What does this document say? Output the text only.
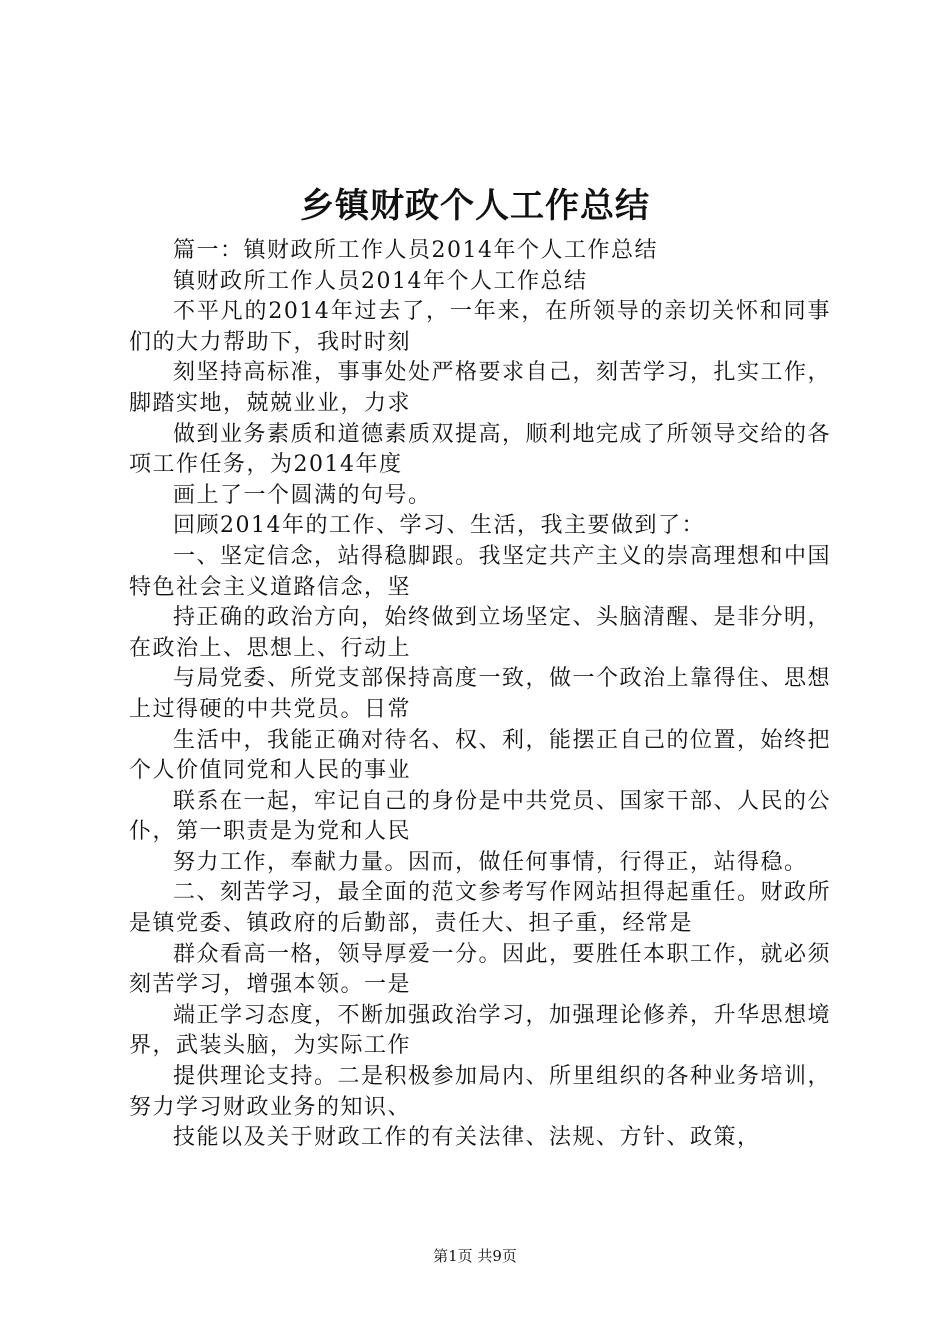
乡镇财政个人工作总结

篇一：镇财政所工作人员2014年个人工作总结

镇财政所工作人员2014年个人工作总结

不平凡的2014年过去了，一年来，在所领导的亲切关怀和同事们的大力帮助下，我时时刻

刻坚持高标准，事事处处严格要求自己，刻苦学习，扎实工作，脚踏实地，兢兢业业，力求

做到业务素质和道德素质双提高，顺利地完成了所领导交给的各项工作任务，为2014年度

画上了一个圆满的句号。

回顾2014年的工作、学习、生活，我主要做到了：

一、坚定信念，站得稳脚跟。我坚定共产主义的崇高理想和中国特色社会主义道路信念，坚

持正确的政治方向，始终做到立场坚定、头脑清醒、是非分明，在政治上、思想上、行动上

与局党委、所党支部保持高度一致，做一个政治上靠得住、思想上过得硬的中共党员。日常

生活中，我能正确对待名、权、利，能摆正自己的位置，始终把个人价值同党和人民的事业

联系在一起，牢记自己的身份是中共党员、国家干部、人民的公仆，第一职责是为党和人民

努力工作，奉献力量。因而，做任何事情，行得正，站得稳。

二、刻苦学习，最全面的范文参考写作网站担得起重任。财政所是镇党委、镇政府的后勤部，责任大、担子重，经常是

群众看高一格，领导厚爱一分。因此，要胜任本职工作，就必须刻苦学习，增强本领。一是

端正学习态度，不断加强政治学习，加强理论修养，升华思想境界，武装头脑，为实际工作

提供理论支持。二是积极参加局内、所里组织的各种业务培训，努力学习财政业务的知识、

技能以及关于财政工作的有关法律、法规、方针、政策，

第1页 共9页
